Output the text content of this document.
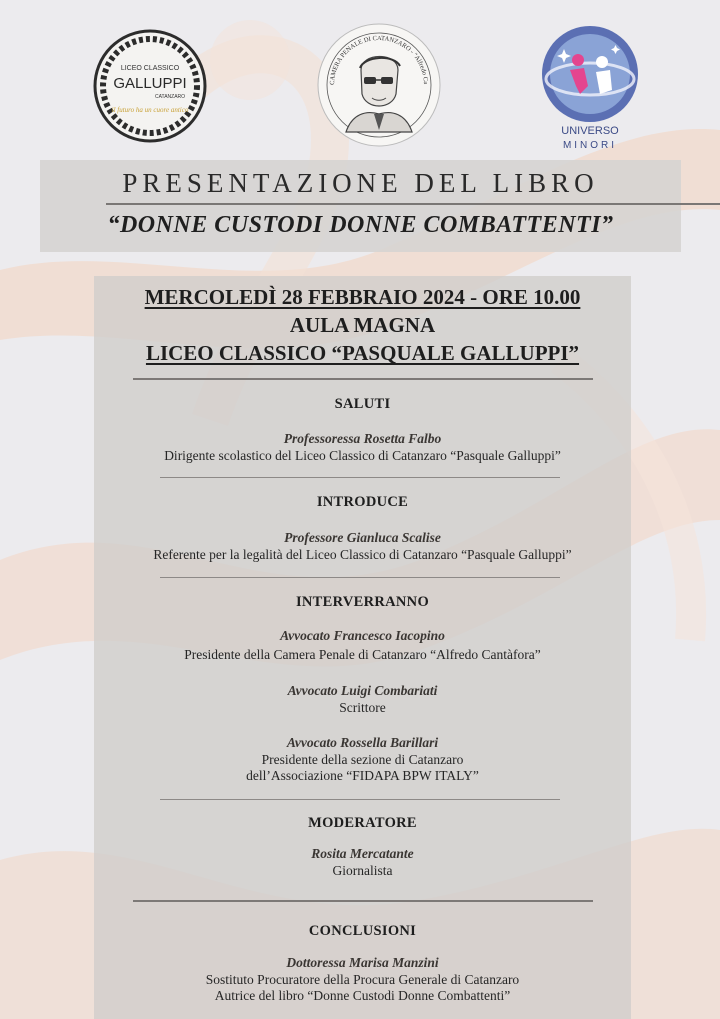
LICEO CLASSICO
GALLUPPI
CATANZARO
il futuro ha un cuore antico
CAMERA PENALE DI CATANZARO - "Alfredo Ca
UNIVERSO
MINORI
PRESENTAZIONE DEL LIBRO
“DONNE CUSTODI DONNE COMBATTENTI”
MERCOLEDÌ 28 FEBBRAIO 2024 - ORE 10.00
AULA MAGNA
LICEO CLASSICO “PASQUALE GALLUPPI”
SALUTI
Professoressa Rosetta Falbo
Dirigente scolastico del Liceo Classico di Catanzaro “Pasquale Galluppi”
INTRODUCE
Professore Gianluca Scalise
Referente per la legalità del Liceo Classico di Catanzaro “Pasquale Galluppi”
INTERVERRANNO
Avvocato Francesco Iacopino
Presidente della Camera Penale di Catanzaro “Alfredo Cantàfora”
Avvocato Luigi Combariati
Scrittore
Avvocato Rossella Barillari
Presidente della sezione di Catanzaro
dell’Associazione “FIDAPA BPW ITALY”
MODERATORE
Rosita Mercatante
Giornalista
CONCLUSIONI
Dottoressa Marisa Manzini
Sostituto Procuratore della Procura Generale di Catanzaro
Autrice del libro “Donne Custodi Donne Combattenti”
